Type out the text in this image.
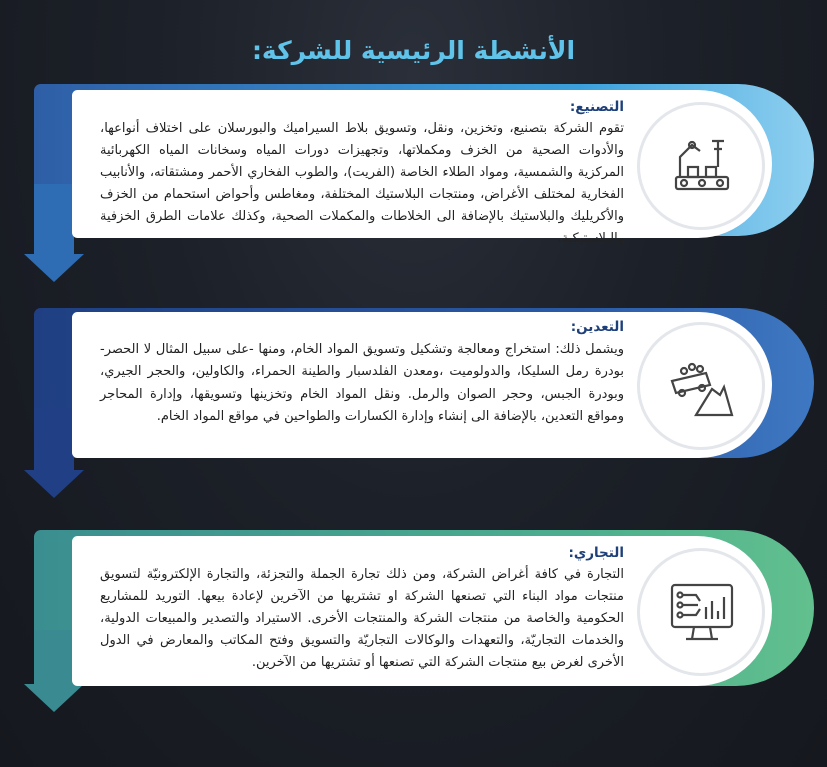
الأنشطة الرئيسية للشركة:
التصنيع:
تقوم الشركة بتصنيع، وتخزين، ونقل، وتسويق بلاط السيراميك والبورسلان على اختلاف أنواعها، والأدوات الصحية من الخزف ومكملاتها، وتجهيزات دورات المياه وسخانات المياه الكهربائية المركزية والشمسية، ومواد الطلاء الخاصة (الفريت)، والطوب الفخاري الأحمر ومشتقاته، والأنابيب الفخارية لمختلف الأغراض، ومنتجات البلاستيك المختلفة، ومغاطس وأحواض استحمام من الخزف والأكريليك والبلاستيك بالإضافة الى الخلاطات والمكملات الصحية، وكذلك علامات الطرق الخزفية والبلاستيكية.
التعدين:
ويشمل ذلك: استخراج ومعالجة وتشكيل وتسويق المواد الخام، ومنها -على سبيل المثال لا الحصر- بودرة رمل السليكا، والدولوميت ،ومعدن الفلدسبار والطينة الحمراء، والكاولين، والحجر الجيري، وبودرة الجبس، وحجر الصوان والرمل. ونقل المواد الخام وتخزينها وتسويقها، وإدارة المحاجر ومواقع التعدين، بالإضافة الى إنشاء وإدارة الكسارات والطواحين في مواقع المواد الخام.
التجاري:
التجارة في كافة أغراض الشركة، ومن ذلك تجارة الجملة والتجزئة، والتجارة الإلكترونيّة لتسويق منتجات مواد البناء التي تصنعها الشركة او تشتريها من الآخرين لإعادة بيعها. التوريد للمشاريع الحكومية والخاصة من منتجات الشركة والمنتجات الأخرى. الاستيراد والتصدير والمبيعات الدولية، والخدمات التجاريّة، والتعهدات والوكالات التجاريّة والتسويق وفتح المكاتب والمعارض في الدول الأخرى لغرض بيع منتجات الشركة التي تصنعها أو تشتريها من الآخرين.
